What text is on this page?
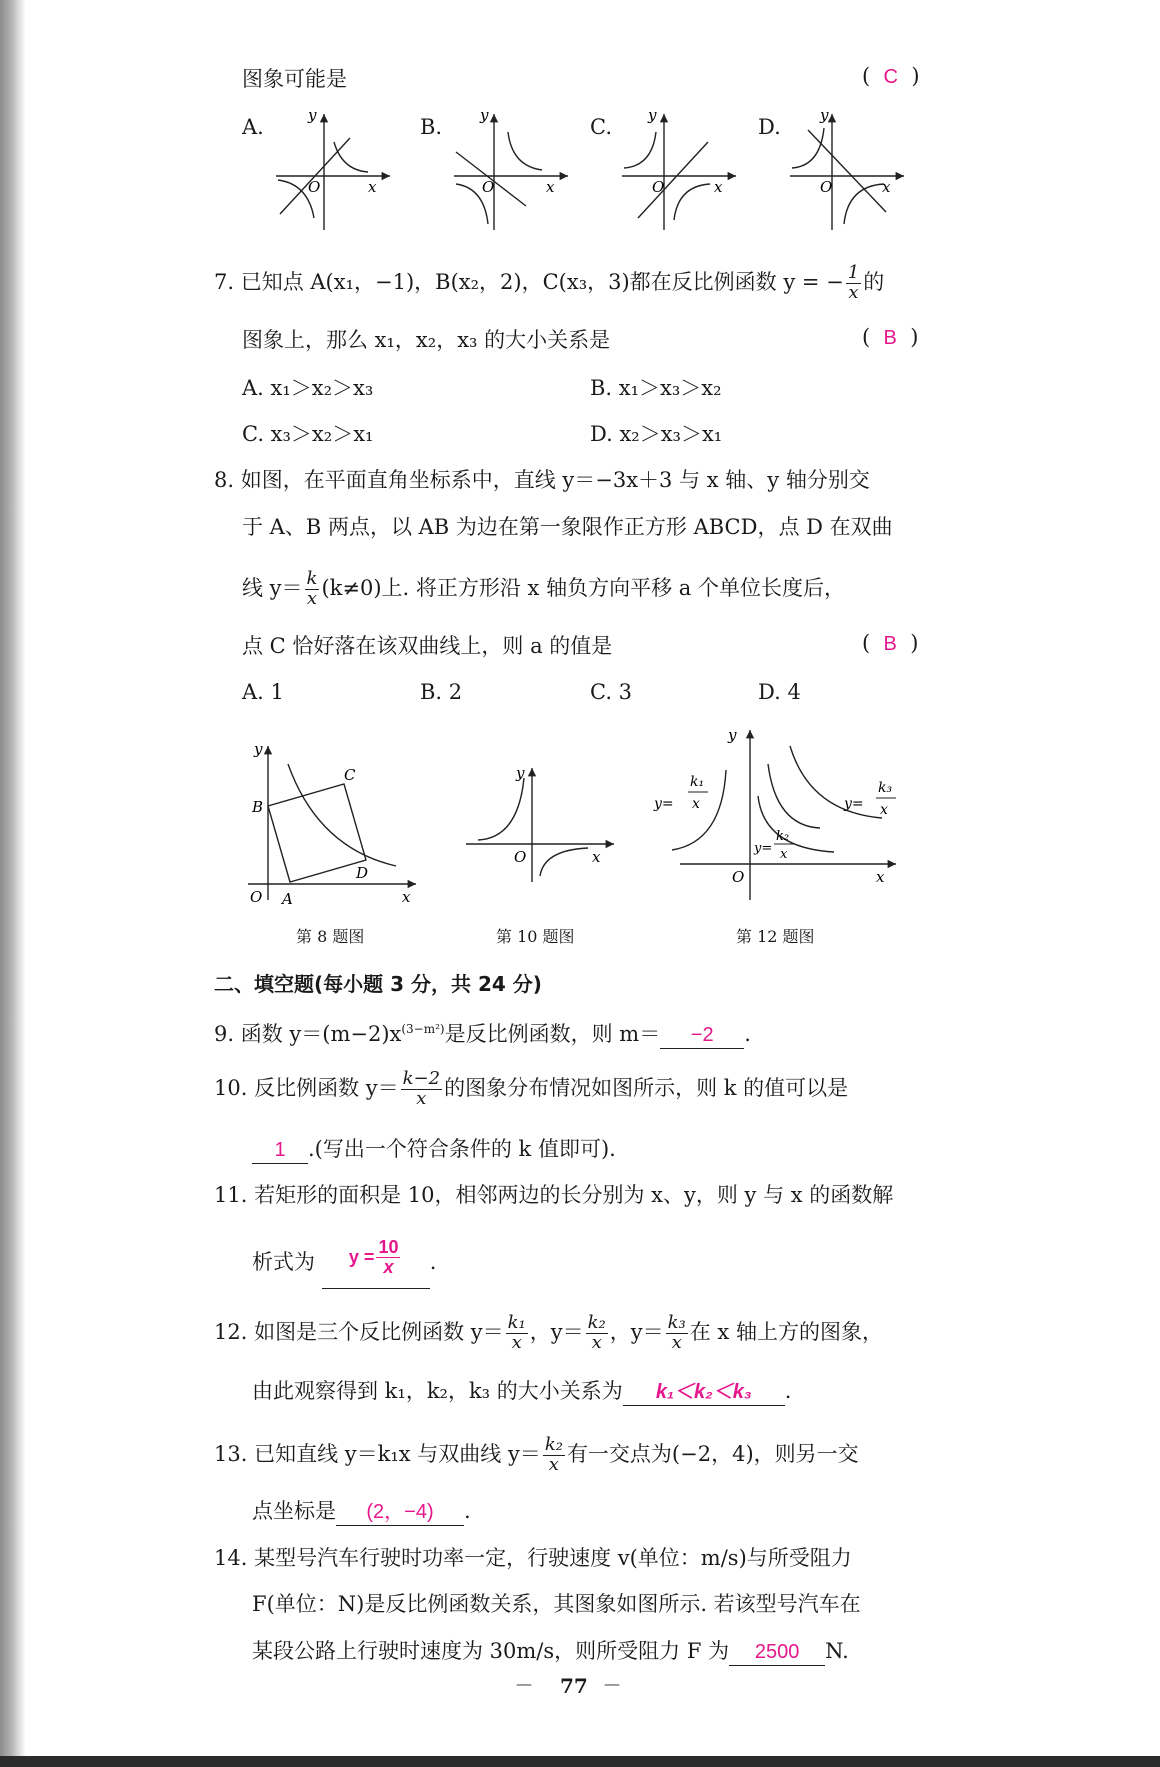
图象可能是	(  C  )
A.	B.	C.	D.
y
x
O
y
x
O
y
x
O
y
x
O
7. 已知点 A(x₁，−1)，B(x₂，2)，C(x₃，3)都在反比例函数 y = − $\frac{1}{x}$ 的
图象上，那么 x₁，x₂，x₃ 的大小关系是	(  B  )
A. x₁＞x₂＞x₃	B. x₁＞x₃＞x₂
C. x₃＞x₂＞x₁	D. x₂＞x₃＞x₁
8. 如图，在平面直角坐标系中，直线 y＝−3x＋3 与 x 轴、y 轴分别交
于 A、B 两点，以 AB 为边在第一象限作正方形 ABCD，点 D 在双曲
线 $y= \frac{k}{x} (k\ne 0)$上. 将正方形沿 x 轴负方向平移 a 个单位长度后，
点 C 恰好落在该双曲线上，则 a 的值是	(  B  )
A. 1	B. 2	C. 3	D. 4
y
x
O A
B
C
D
第 8 题图
y
x
O
第 10 题图
y
x
O
y=
k₁
x
y=
k₂
x
y=
k₃
x
第 12 题图
二、填空题(每小题 3 分，共 24 分)
9. 函数 $y=(m-2)x^{(3-m^2)}$是反比例函数，则 m＝ −2 .
10. 反比例函数 $y= \frac{k-2}{x}$ 的图象分布情况如图所示，则 k 的值可以是
1 .(写出一个符合条件的 k 值即可).
11. 若矩形的面积是 10，相邻两边的长分别为 x、y，则 y 与 x 的函数解
析式为 $y = \frac{10}{x}$ .
12. 如图是三个反比例函数 $y= \frac{\text{k₁}}{x}$ ，$y= \frac{\text{k₂}}{x}$ ，$y= \frac{\text{k₃}}{x}$ 在 x 轴上方的图象，
由此观察得到 k₁，k₂，k₃ 的大小关系为 k₁＜k₂＜k₃ .
13. 已知直线 y＝k₁x 与双曲线 $y= \frac{\text{k₂}}{x}$ 有一交点为(−2，4)，则另一交
点坐标是 (2，−4) .
14. 某型号汽车行驶时功率一定，行驶速度 v(单位：m/s)与所受阻力
F(单位：N)是反比例函数关系，其图象如图所示. 若该型号汽车在
某段公路上行驶时速度为 30m/s，则所受阻力 F 为 2500 N.
— 77 —
